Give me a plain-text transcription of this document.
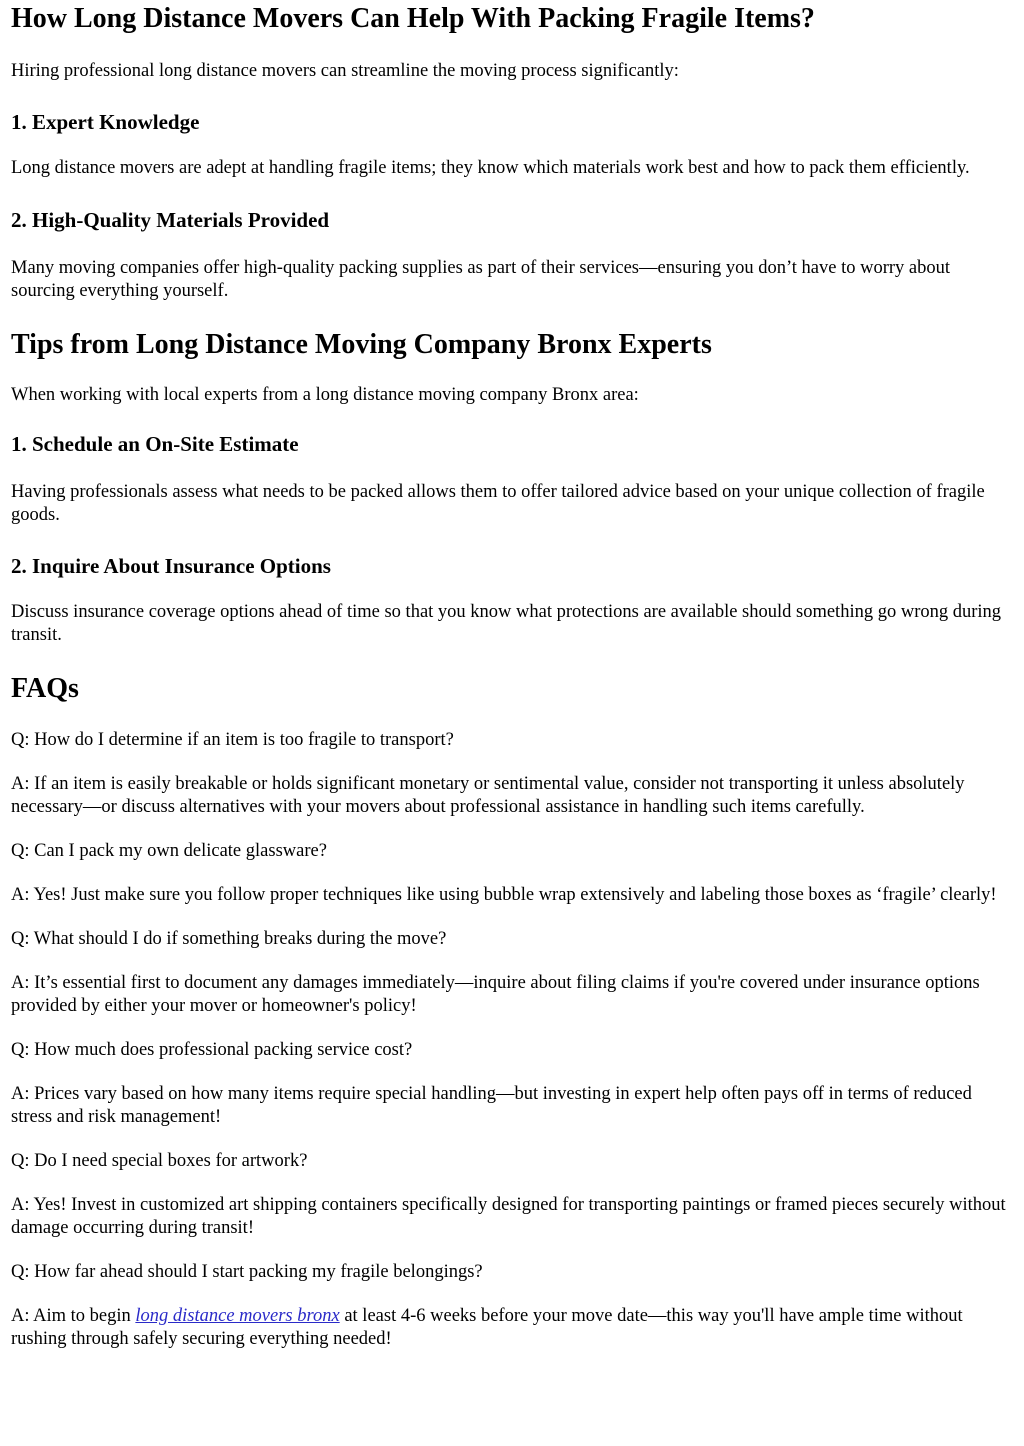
How Long Distance Movers Can Help With Packing Fragile Items?

Hiring professional long distance movers can streamline the moving process significantly:

1. Expert Knowledge

Long distance movers are adept at handling fragile items; they know which materials work best and how to pack them efficiently.

2. High-Quality Materials Provided

Many moving companies offer high-quality packing supplies as part of their services—ensuring you don’t have to worry about sourcing everything yourself.

Tips from Long Distance Moving Company Bronx Experts

When working with local experts from a long distance moving company Bronx area:

1. Schedule an On-Site Estimate

Having professionals assess what needs to be packed allows them to offer tailored advice based on your unique collection of fragile goods.

2. Inquire About Insurance Options

Discuss insurance coverage options ahead of time so that you know what protections are available should something go wrong during transit.

FAQs

Q: How do I determine if an item is too fragile to transport?

A: If an item is easily breakable or holds significant monetary or sentimental value, consider not transporting it unless absolutely necessary—or discuss alternatives with your movers about professional assistance in handling such items carefully.

Q: Can I pack my own delicate glassware?

A: Yes! Just make sure you follow proper techniques like using bubble wrap extensively and labeling those boxes as ‘fragile’ clearly!

Q: What should I do if something breaks during the move?

A: It’s essential first to document any damages immediately—inquire about filing claims if you're covered under insurance options provided by either your mover or homeowner's policy!

Q: How much does professional packing service cost?

A: Prices vary based on how many items require special handling—but investing in expert help often pays off in terms of reduced stress and risk management!

Q: Do I need special boxes for artwork?

A: Yes! Invest in customized art shipping containers specifically designed for transporting paintings or framed pieces securely without damage occurring during transit!

Q: How far ahead should I start packing my fragile belongings?

A: Aim to begin long distance movers bronx at least 4-6 weeks before your move date—this way you'll have ample time without rushing through safely securing everything needed!
